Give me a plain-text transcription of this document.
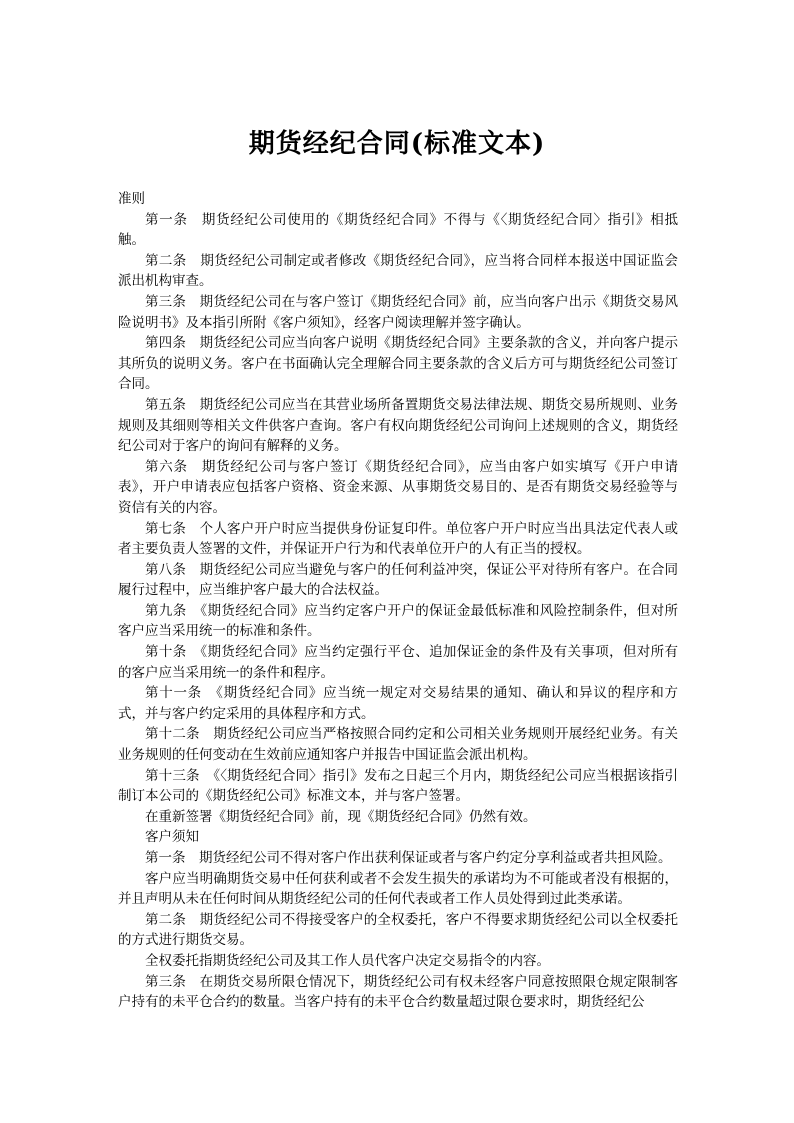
期货经纪合同(标准文本)

准则

第一条　期货经纪公司使用的《期货经纪合同》不得与《〈期货经纪合同〉指引》相抵触。

第二条　期货经纪公司制定或者修改《期货经纪合同》，应当将合同样本报送中国证监会派出机构审查。

第三条　期货经纪公司在与客户签订《期货经纪合同》前，应当向客户出示《期货交易风险说明书》及本指引所附《客户须知》，经客户阅读理解并签字确认。

第四条　期货经纪公司应当向客户说明《期货经纪合同》主要条款的含义，并向客户提示其所负的说明义务。客户在书面确认完全理解合同主要条款的含义后方可与期货经纪公司签订合同。

第五条　期货经纪公司应当在其营业场所备置期货交易法律法规、期货交易所规则、业务规则及其细则等相关文件供客户查询。客户有权向期货经纪公司询问上述规则的含义，期货经纪公司对于客户的询问有解释的义务。

第六条　期货经纪公司与客户签订《期货经纪合同》，应当由客户如实填写《开户申请表》，开户申请表应包括客户资格、资金来源、从事期货交易目的、是否有期货交易经验等与资信有关的内容。

第七条　个人客户开户时应当提供身份证复印件。单位客户开户时应当出具法定代表人或者主要负责人签署的文件，并保证开户行为和代表单位开户的人有正当的授权。

第八条　期货经纪公司应当避免与客户的任何利益冲突，保证公平对待所有客户。在合同履行过程中，应当维护客户最大的合法权益。

第九条　《期货经纪合同》应当约定客户开户的保证金最低标准和风险控制条件，但对所客户应当采用统一的标准和条件。

第十条　《期货经纪合同》应当约定强行平仓、追加保证金的条件及有关事项，但对所有的客户应当采用统一的条件和程序。

第十一条　《期货经纪合同》应当统一规定对交易结果的通知、确认和异议的程序和方式，并与客户约定采用的具体程序和方式。

第十二条　期货经纪公司应当严格按照合同约定和公司相关业务规则开展经纪业务。有关业务规则的任何变动在生效前应通知客户并报告中国证监会派出机构。

第十三条　《〈期货经纪合同〉指引》发布之日起三个月内，期货经纪公司应当根据该指引制订本公司的《期货经纪公司》标准文本，并与客户签署。

在重新签署《期货经纪合同》前，现《期货经纪合同》仍然有效。

客户须知

第一条　期货经纪公司不得对客户作出获利保证或者与客户约定分享利益或者共担风险。

客户应当明确期货交易中任何获利或者不会发生损失的承诺均为不可能或者没有根据的，并且声明从未在任何时间从期货经纪公司的任何代表或者工作人员处得到过此类承诺。

第二条　期货经纪公司不得接受客户的全权委托，客户不得要求期货经纪公司以全权委托的方式进行期货交易。

全权委托指期货经纪公司及其工作人员代客户决定交易指令的内容。

第三条　在期货交易所限仓情况下，期货经纪公司有权未经客户同意按照限仓规定限制客户持有的未平仓合约的数量。当客户持有的未平仓合约数量超过限仓要求时，期货经纪公
